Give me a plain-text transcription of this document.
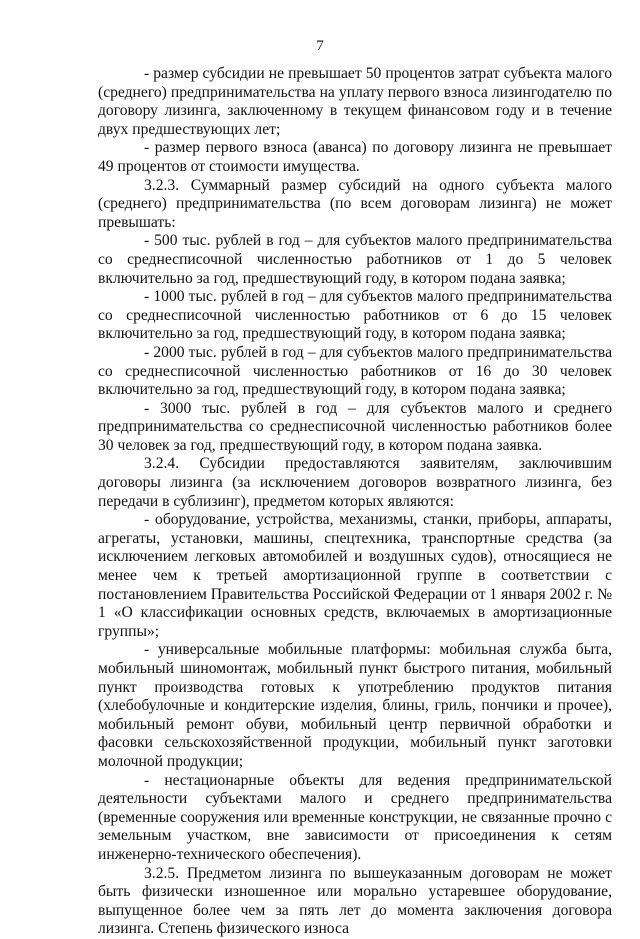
7

- размер субсидии не превышает 50 процентов затрат субъекта малого (среднего) предпринимательства на уплату первого взноса лизингодателю по договору лизинга, заключенному в текущем финансовом году и в течение двух предшествующих лет;

- размер первого взноса (аванса) по договору лизинга не превышает 49 процентов от стоимости имущества.

3.2.3. Суммарный размер субсидий на одного субъекта малого (среднего) предпринимательства (по всем договорам лизинга) не может превышать:

- 500 тыс. рублей в год – для субъектов малого предпринимательства со среднесписочной численностью работников от 1 до 5 человек включительно за год, предшествующий году, в котором подана заявка;

- 1000 тыс. рублей в год – для субъектов малого предпринимательства со среднесписочной численностью работников от 6 до 15 человек включительно за год, предшествующий году, в котором подана заявка;

- 2000 тыс. рублей в год – для субъектов малого предпринимательства со среднесписочной численностью работников от 16 до 30 человек включительно за год, предшествующий году, в котором подана заявка;

- 3000 тыс. рублей в год – для субъектов малого и среднего предпринимательства со среднесписочной численностью работников более 30 человек за год, предшествующий году, в котором подана заявка.

3.2.4. Субсидии предоставляются заявителям, заключившим договоры лизинга (за исключением договоров возвратного лизинга, без передачи в сублизинг), предметом которых являются:

- оборудование, устройства, механизмы, станки, приборы, аппараты, агрегаты, установки, машины, спецтехника, транспортные средства (за исключением легковых автомобилей и воздушных судов), относящиеся не менее чем к третьей амортизационной группе в соответствии с постановлением Правительства Российской Федерации от 1 января 2002 г. № 1 «О классификации основных средств, включаемых в амортизационные группы»;

- универсальные мобильные платформы: мобильная служба быта, мобильный шиномонтаж, мобильный пункт быстрого питания, мобильный пункт производства готовых к употреблению продуктов питания (хлебобулочные и кондитерские изделия, блины, гриль, пончики и прочее), мобильный ремонт обуви, мобильный центр первичной обработки и фасовки сельскохозяйственной продукции, мобильный пункт заготовки молочной продукции;

- нестационарные объекты для ведения предпринимательской деятельности субъектами малого и среднего предпринимательства (временные сооружения или временные конструкции, не связанные прочно с земельным участком, вне зависимости от присоединения к сетям инженерно-технического обеспечения).

3.2.5. Предметом лизинга по вышеуказанным договорам не может быть физически изношенное или морально устаревшее оборудование, выпущенное более чем за пять лет до момента заключения договора лизинга. Степень физического износа
